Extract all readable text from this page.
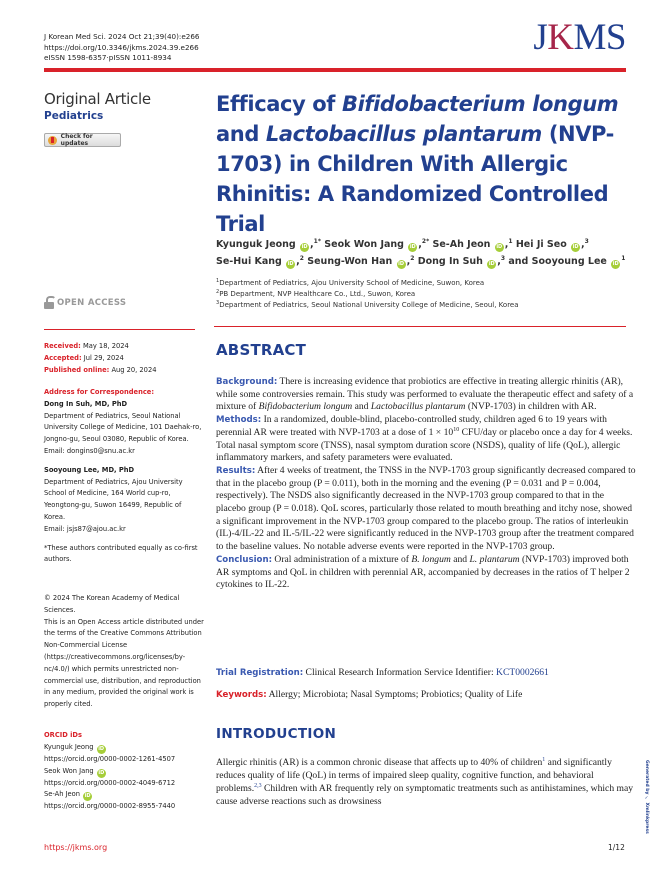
J Korean Med Sci. 2024 Oct 21;39(40):e266
https://doi.org/10.3346/jkms.2024.39.e266
eISSN 1598-6357·pISSN 1011-8934	JKMS
Original Article
Pediatrics
Check for updates
Efficacy of Bifidobacterium longum and Lactobacillus plantarum (NVP-1703) in Children With Allergic Rhinitis: A Randomized Controlled Trial
Kyunguk Jeong iD ,$^{1*}$ Seok Won Jang iD ,$^{2*}$ Se-Ah Jeon iD ,$^1$ Hei Ji Seo iD ,$^3$
Se-Hui Kang iD ,$^2$ Seung-Won Han iD ,$^2$ Dong In Suh iD ,$^3$ and Sooyoung Lee $iD^1$
$^1$Department of Pediatrics, Ajou University School of Medicine, Suwon, Korea
$^2$PB Department, NVP Healthcare Co., Ltd., Suwon, Korea
$^3$Department of Pediatrics, Seoul National University College of Medicine, Seoul, Korea
OPEN ACCESS

Received: May 18, 2024

Accepted: Jul 29, 2024

Published online: Aug 20, 2024

Address for Correspondence:

Dong In Suh, MD, PhD

Department of Pediatrics, Seoul National University College of Medicine, 101 Daehak-ro, Jongno-gu, Seoul 03080, Republic of Korea.

Email: dongins0@snu.ac.kr

Sooyoung Lee, MD, PhD

Department of Pediatrics, Ajou University School of Medicine, 164 World cup-ro, Yeongtong-gu, Suwon 16499, Republic of Korea.

Email: jsjs87@ajou.ac.kr

*These authors contributed equally as co-first authors.

© 2024 The Korean Academy of Medical Sciences.

This is an Open Access article distributed under the terms of the Creative Commons Attribution Non-Commercial License (https://creativecommons.org/licenses/by-nc/4.0/) which permits unrestricted non-commercial use, distribution, and reproduction in any medium, provided the original work is properly cited.

ORCID iDs

Kyunguk Jeong iD

https://orcid.org/0000-0002-1261-4507

Seok Won Jang iD

https://orcid.org/0000-0002-4049-6712

Se-Ah Jeon iD

https://orcid.org/0000-0002-8955-7440

ABSTRACT

Background: There is increasing evidence that probiotics are effective in treating allergic rhinitis (AR), while some controversies remain. This study was performed to evaluate the therapeutic effect and safety of a mixture of Bifidobacterium longum and Lactobacillus plantarum (NVP-1703) in children with AR.

Methods: In a randomized, double-blind, placebo-controlled study, children aged 6 to 19 years with perennial AR were treated with NVP-1703 at a dose of $1 \times 10^{10}$ CFU/day or placebo once a day for 4 weeks. Total nasal symptom score (TNSS), nasal symptom duration score (NSDS), quality of life (QoL), allergic inflammatory markers, and safety parameters were evaluated.

Results: After 4 weeks of treatment, the TNSS in the NVP-1703 group significantly decreased compared to that in the placebo group (P = 0.011), both in the morning and the evening (P = 0.031 and P = 0.004, respectively). The NSDS also significantly decreased in the NVP-1703 group compared to that in the placebo group (P = 0.018). QoL scores, particularly those related to mouth breathing and itchy nose, showed a significant improvement in the NVP-1703 group compared to the placebo group. The ratios of interleukin (IL)-4/IL-22 and IL-5/IL-22 were significantly reduced in the NVP-1703 group after the treatment compared to the baseline values. No notable adverse events were reported in the NVP-1703 group.

Conclusion: Oral administration of a mixture of B. longum and L. plantarum (NVP-1703) improved both AR symptoms and QoL in children with perennial AR, accompanied by decreases in the ratios of T helper 2 cytokines to IL-22.

Trial Registration: Clinical Research Information Service Identifier: KCT0002661
Keywords: Allergy; Microbiota; Nasal Symptoms; Probiotics; Quality of Life
INTRODUCTION
Allergic rhinitis (AR) is a common chronic disease that affects up to 40% of children$^1$ and significantly reduces quality of life (QoL) in terms of impaired sleep quality, cognitive function, and behavioral problems.$^{2,3}$ Children with AR frequently rely on symptomatic treatments such as antihistamines, which may cause adverse reactions such as drowsiness
https://jkms.org	1/12
Generated by ✓ Xmlinkpress
